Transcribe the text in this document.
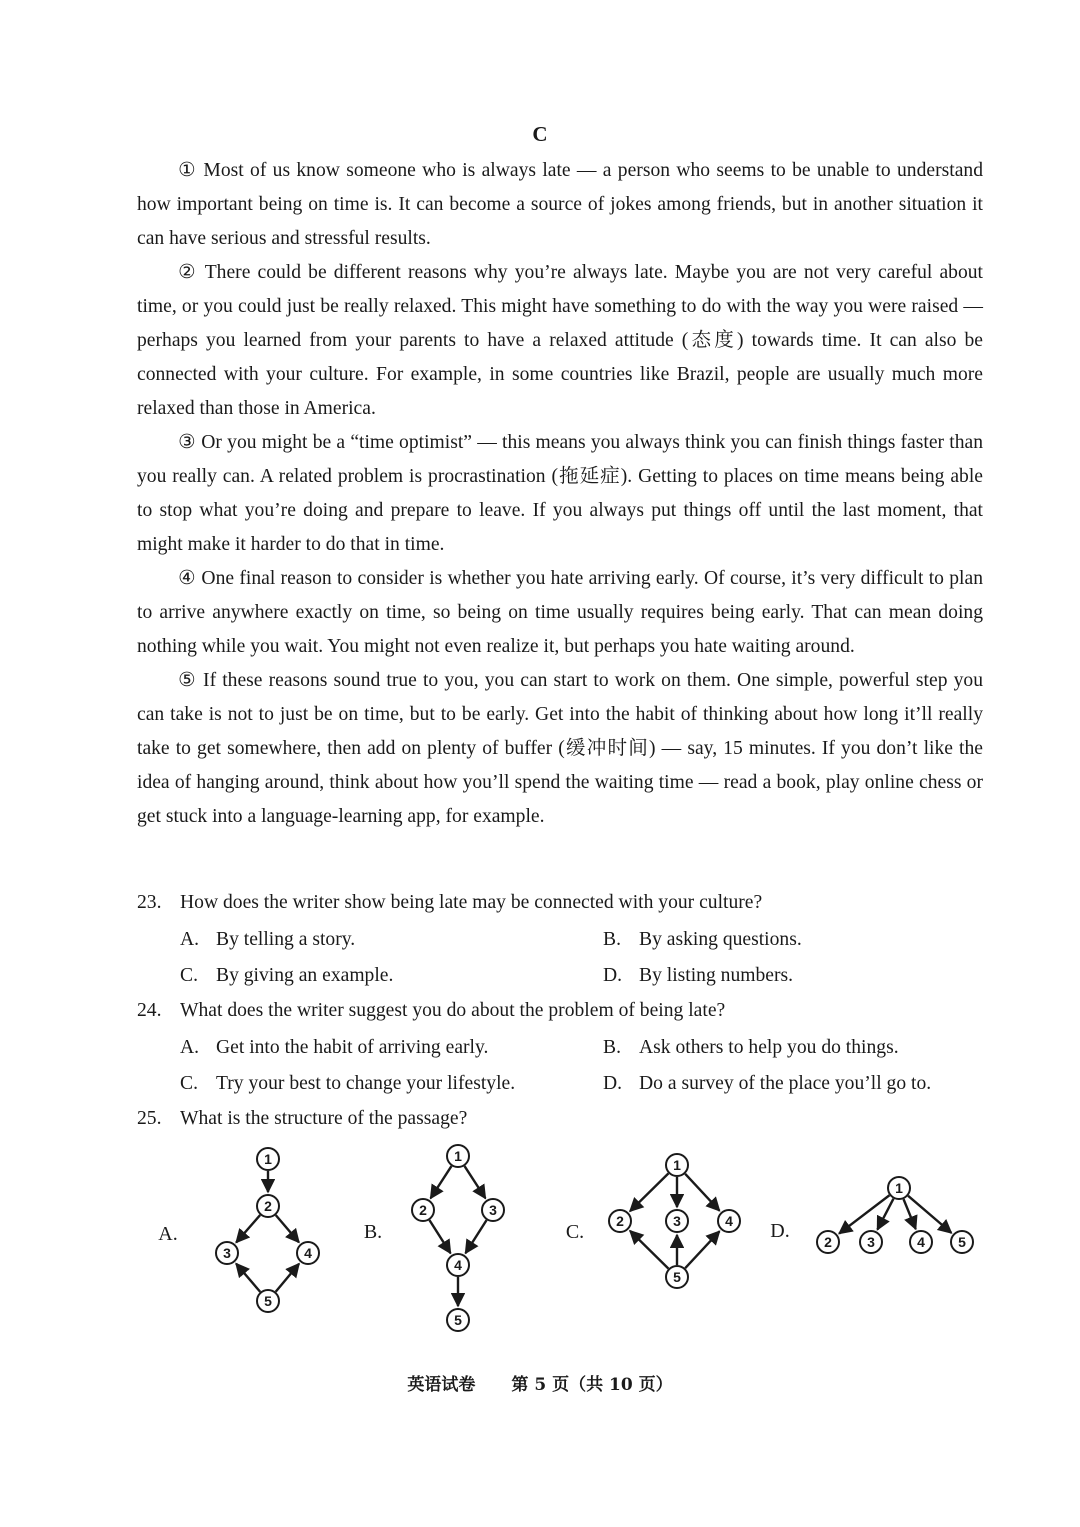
C

① Most of us know someone who is always late — a person who seems to be unable to understand how important being on time is. It can become a source of jokes among friends, but in another situation it can have serious and stressful results.

② There could be different reasons why you’re always late. Maybe you are not very careful about time, or you could just be really relaxed. This might have something to do with the way you were raised — perhaps you learned from your parents to have a relaxed attitude (态度) towards time. It can also be connected with your culture. For example, in some countries like Brazil, people are usually much more relaxed than those in America.

③ Or you might be a “time optimist” — this means you always think you can finish things faster than you really can. A related problem is procrastination (拖延症). Getting to places on time means being able to stop what you’re doing and prepare to leave. If you always put things off until the last moment, that might make it harder to do that in time.

④ One final reason to consider is whether you hate arriving early. Of course, it’s very difficult to plan to arrive anywhere exactly on time, so being on time usually requires being early. That can mean doing nothing while you wait. You might not even realize it, but perhaps you hate waiting around.

⑤ If these reasons sound true to you, you can start to work on them. One simple, powerful step you can take is not to just be on time, but to be early. Get into the habit of thinking about how long it’ll really take to get somewhere, then add on plenty of buffer (缓冲时间) — say, 15 minutes. If you don’t like the idea of hanging around, think about how you’ll spend the waiting time — read a book, play online chess or get stuck into a language-learning app, for example.

23. How does the writer show being late may be connected with your culture?
A. By telling a story.	B. By asking questions.
C. By giving an example.	D. By listing numbers.
24. What does the writer suggest you do about the problem of being late?
A. Get into the habit of arriving early.	B. Ask others to help you do things.
C. Try your best to change your lifestyle.	D. Do a survey of the place you’ll go to.
25. What is the structure of the passage?
A.
1
2
3	4
5
B.
1
2	3
4
5
C.
1
2	3	4
5
D.
1
2	3	4 5
英语试卷 第 5 页（共 10 页）
